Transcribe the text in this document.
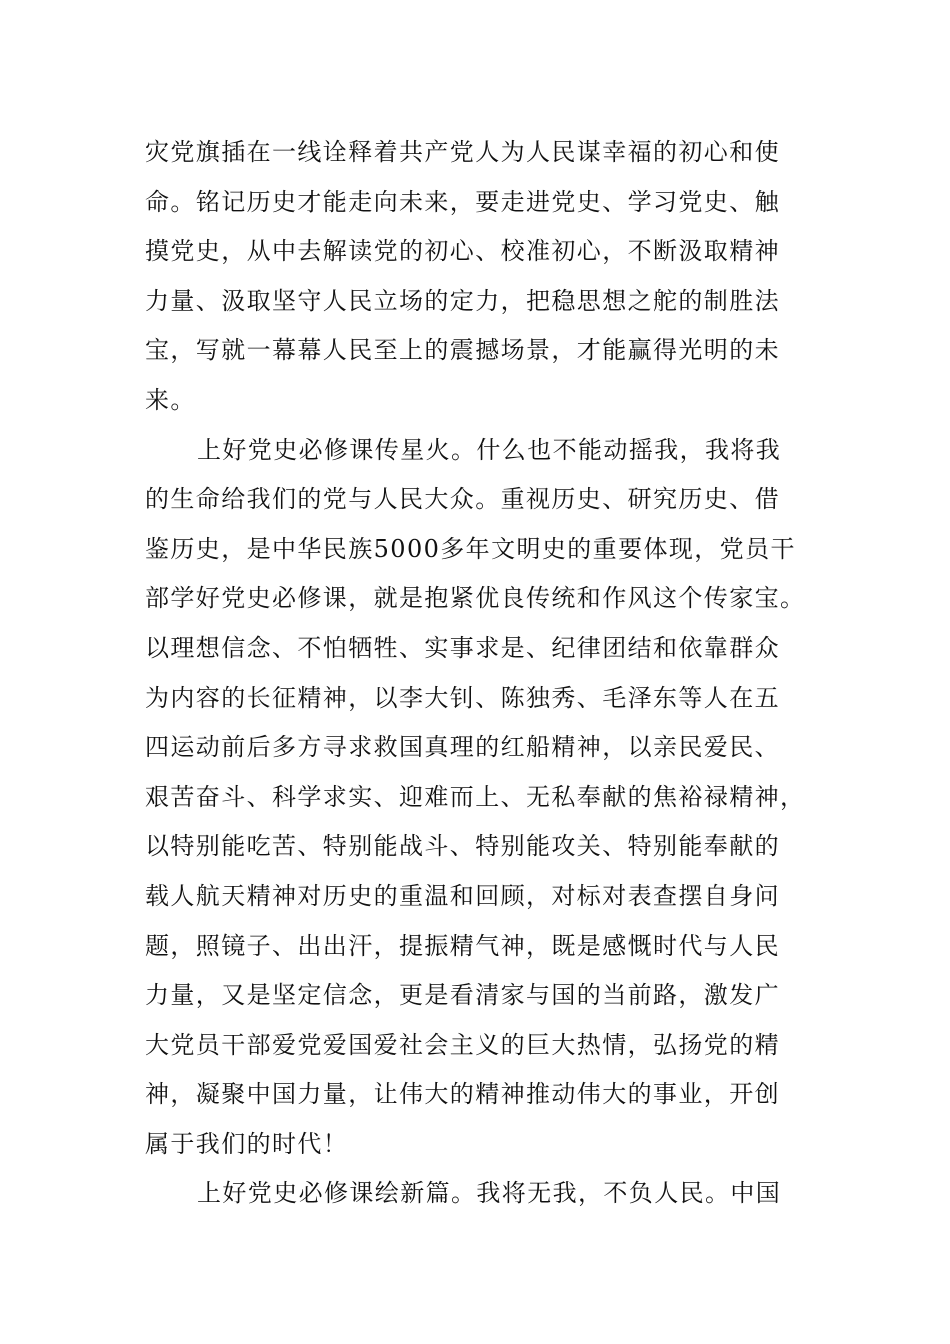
灾党旗插在一线诠释着共产党人为人民谋幸福的初心和使
命。铭记历史才能走向未来，要走进党史、学习党史、触
摸党史，从中去解读党的初心、校准初心，不断汲取精神
力量、汲取坚守人民立场的定力，把稳思想之舵的制胜法
宝，写就一幕幕人民至上的震撼场景，才能赢得光明的未
来。
上好党史必修课传星火。什么也不能动摇我，我将我
的生命给我们的党与人民大众。重视历史、研究历史、借
鉴历史，是中华民族5000多年文明史的重要体现，党员干
部学好党史必修课，就是抱紧优良传统和作风这个传家宝。
以理想信念、不怕牺牲、实事求是、纪律团结和依靠群众
为内容的长征精神，以李大钊、陈独秀、毛泽东等人在五
四运动前后多方寻求救国真理的红船精神，以亲民爱民、
艰苦奋斗、科学求实、迎难而上、无私奉献的焦裕禄精神，
以特别能吃苦、特别能战斗、特别能攻关、特别能奉献的
载人航天精神对历史的重温和回顾，对标对表查摆自身问
题，照镜子、出出汗，提振精气神，既是感慨时代与人民
力量，又是坚定信念，更是看清家与国的当前路，激发广
大党员干部爱党爱国爱社会主义的巨大热情，弘扬党的精
神，凝聚中国力量，让伟大的精神推动伟大的事业，开创
属于我们的时代！
上好党史必修课绘新篇。我将无我，不负人民。中国
